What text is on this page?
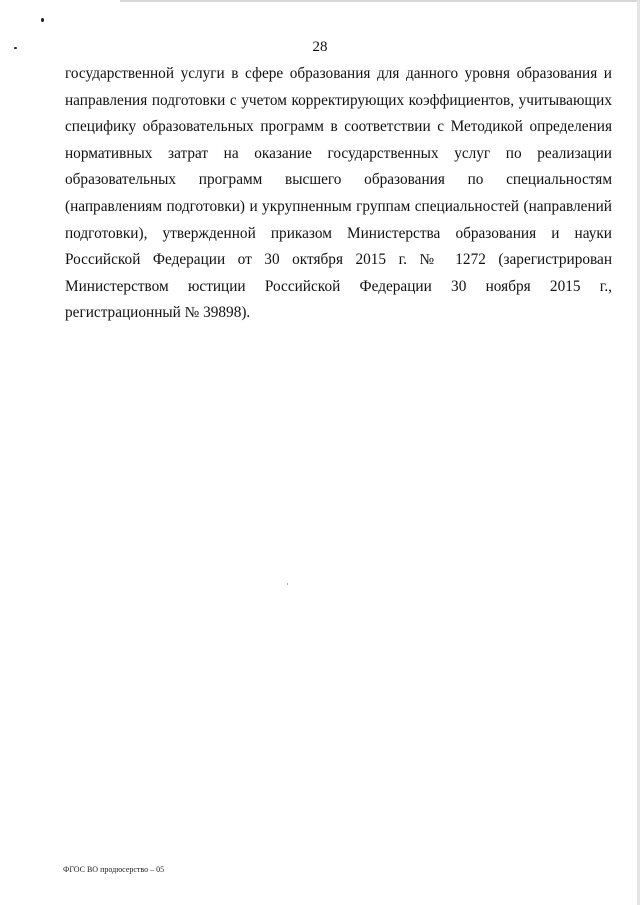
28

государственной услуги в сфере образования для данного уровня образования и направления подготовки с учетом корректирующих коэффициентов, учитывающих специфику образовательных программ в соответствии с Методикой определения нормативных затрат на оказание государственных услуг по реализации образовательных программ высшего образования по специальностям (направлениям подготовки) и укрупненным группам специальностей (направлений подготовки), утвержденной приказом Министерства образования и науки Российской Федерации от 30 октября 2015 г. № 1272 (зарегистрирован Министерством юстиции Российской Федерации 30 ноября 2015 г., регистрационный № 39898).

ФГОС ВО продюсерство – 05
